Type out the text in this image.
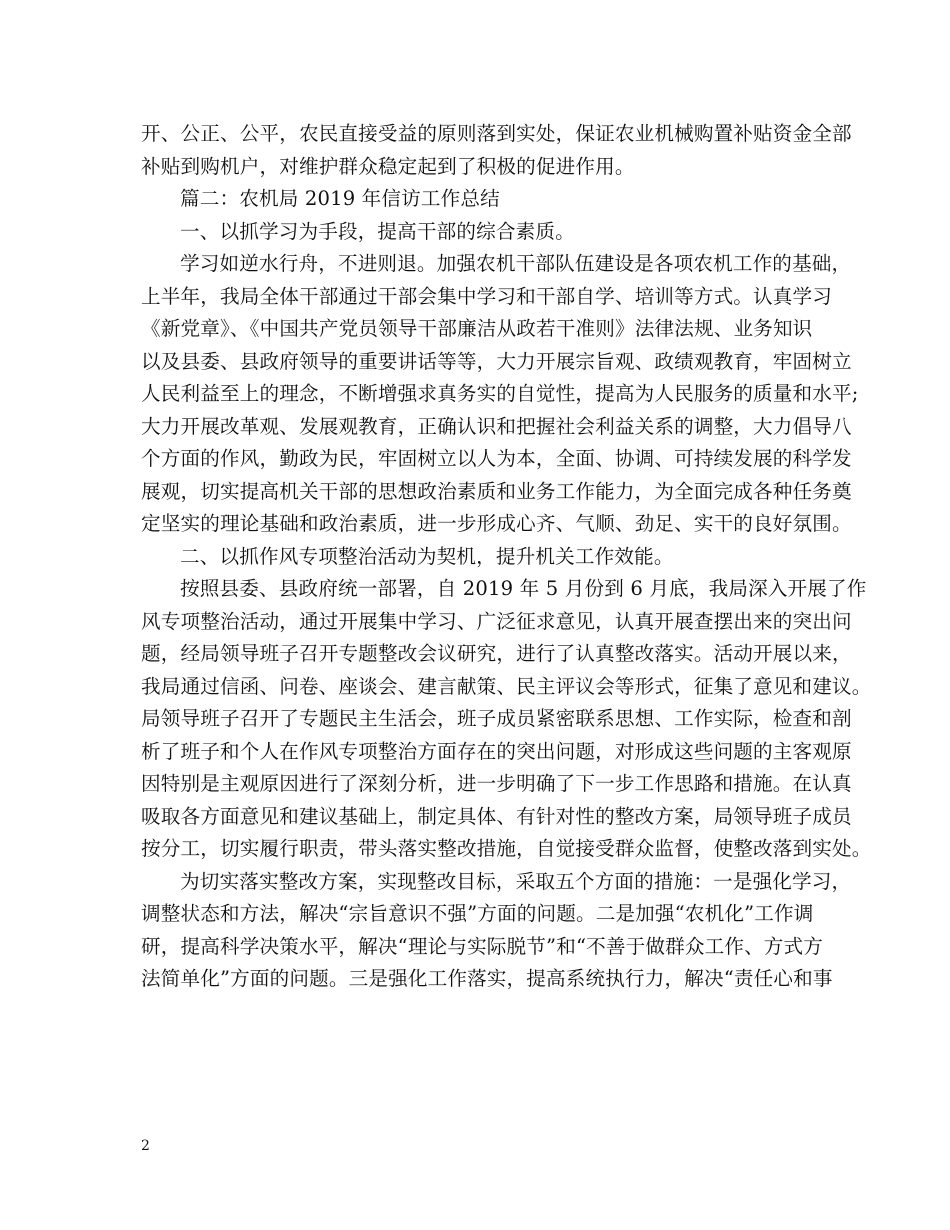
开、公正、公平，农民直接受益的原则落到实处，保证农业机械购置补贴资金全部
补贴到购机户，对维护群众稳定起到了积极的促进作用。
篇二：农机局 2019 年信访工作总结
一、以抓学习为手段，提高干部的综合素质。
学习如逆水行舟，不进则退。加强农机干部队伍建设是各项农机工作的基础，
上半年，我局全体干部通过干部会集中学习和干部自学、培训等方式。认真学习
《新党章》、《中国共产党员领导干部廉洁从政若干准则》法律法规、业务知识
以及县委、县政府领导的重要讲话等等，大力开展宗旨观、政绩观教育，牢固树立
人民利益至上的理念，不断增强求真务实的自觉性，提高为人民服务的质量和水平;
大力开展改革观、发展观教育，正确认识和把握社会利益关系的调整，大力倡导八
个方面的作风，勤政为民，牢固树立以人为本，全面、协调、可持续发展的科学发
展观，切实提高机关干部的思想政治素质和业务工作能力，为全面完成各种任务奠
定坚实的理论基础和政治素质，进一步形成心齐、气顺、劲足、实干的良好氛围。
二、以抓作风专项整治活动为契机，提升机关工作效能。
按照县委、县政府统一部署，自 2019 年 5 月份到 6 月底，我局深入开展了作
风专项整治活动，通过开展集中学习、广泛征求意见，认真开展查摆出来的突出问
题，经局领导班子召开专题整改会议研究，进行了认真整改落实。活动开展以来，
我局通过信函、问卷、座谈会、建言献策、民主评议会等形式，征集了意见和建议。
局领导班子召开了专题民主生活会，班子成员紧密联系思想、工作实际，检查和剖
析了班子和个人在作风专项整治方面存在的突出问题，对形成这些问题的主客观原
因特别是主观原因进行了深刻分析，进一步明确了下一步工作思路和措施。在认真
吸取各方面意见和建议基础上，制定具体、有针对性的整改方案，局领导班子成员
按分工，切实履行职责，带头落实整改措施，自觉接受群众监督，使整改落到实处。
为切实落实整改方案，实现整改目标，采取五个方面的措施：一是强化学习，
调整状态和方法，解决“宗旨意识不强”方面的问题。二是加强“农机化”工作调
研，提高科学决策水平，解决“理论与实际脱节”和“不善于做群众工作、方式方
法简单化”方面的问题。三是强化工作落实，提高系统执行力，解决“责任心和事
2
